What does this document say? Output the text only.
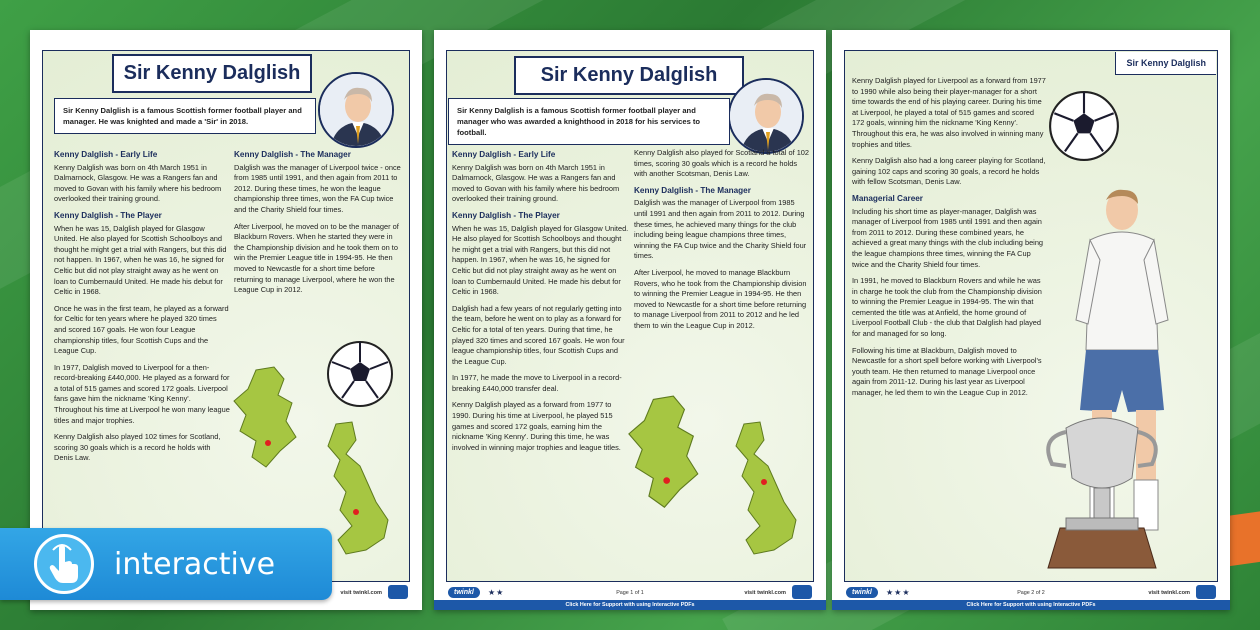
Sir Kenny Dalglish
Sir Kenny Dalglish is a famous Scottish former football player and manager. He was knighted and made a 'Sir' in 2018.
Kenny Dalglish - Early Life

Kenny Dalglish was born on 4th March 1951 in Dalmarnock, Glasgow. He was a Rangers fan and moved to Govan with his family where his bedroom overlooked their training ground.

Kenny Dalglish - The Player

When he was 15, Dalglish played for Glasgow United. He also played for Scottish Schoolboys and thought he might get a trial with Rangers, but this did not happen. In 1967, when he was 16, he signed for Celtic but did not play straight away as he went on loan to Cumbernauld United. He made his debut for Celtic in 1968.

Once he was in the first team, he played as a forward for Celtic for ten years where he played 320 times and scored 167 goals. He won four League championship titles, four Scottish Cups and the League Cup.

In 1977, Dalglish moved to Liverpool for a then-record-breaking £440,000. He played as a forward for a total of 515 games and scored 172 goals. Liverpool fans gave him the nickname 'King Kenny'. Throughout his time at Liverpool he won many league titles and major trophies.

Kenny Dalglish also played 102 times for Scotland, scoring 30 goals which is a record he holds with Denis Law.

Kenny Dalglish - The Manager

Dalglish was the manager of Liverpool twice - once from 1985 until 1991, and then again from 2011 to 2012. During these times, he won the league championship three times, won the FA Cup twice and the Charity Shield four times.

After Liverpool, he moved on to be the manager of Blackburn Rovers. When he started they were in the Championship division and he took them on to win the Premier League title in 1994-95. He then moved to Newcastle for a short time before returning to manage Liverpool, where he won the League Cup in 2012.

visit twinkl.com
Sir Kenny Dalglish
Sir Kenny Dalglish is a famous Scottish former football player and manager who was awarded a knighthood in 2018 for his services to football.
Kenny Dalglish - Early Life

Kenny Dalglish was born on 4th March 1951 in Dalmarnock, Glasgow. He was a Rangers fan and moved to Govan with his family where his bedroom overlooked their training ground.

Kenny Dalglish - The Player

When he was 15, Dalglish played for Glasgow United. He also played for Scottish Schoolboys and thought he might get a trial with Rangers, but this did not happen. In 1967, when he was 16, he signed for Celtic but did not play straight away as he went on loan to Cumbernauld United. He made his debut for Celtic in 1968.

Dalglish had a few years of not regularly getting into the team, before he went on to play as a forward for Celtic for a total of ten years. During that time, he played 320 times and scored 167 goals. He won four league championship titles, four Scottish Cups and the League Cup.

In 1977, he made the move to Liverpool in a record-breaking £440,000 transfer deal.

Kenny Dalglish played as a forward from 1977 to 1990. During his time at Liverpool, he played 515 games and scored 172 goals, earning him the nickname 'King Kenny'. During this time, he was involved in winning major trophies and league titles.

Kenny Dalglish also played for Scotland a total of 102 times, scoring 30 goals which is a record he holds with another Scotsman, Denis Law.

Kenny Dalglish - The Manager

Dalglish was the manager of Liverpool from 1985 until 1991 and then again from 2011 to 2012. During these times, he achieved many things for the club including being league champions three times, winning the FA Cup twice and the Charity Shield four times.

After Liverpool, he moved to manage Blackburn Rovers, who he took from the Championship division to winning the Premier League in 1994-95. He then moved to Newcastle for a short time before returning to manage Liverpool from 2011 to 2012 and he led them to win the League Cup in 2012.

twinkl	★★	Page 1 of 1	visit twinkl.com
Click Here for Support with using Interactive PDFs
Sir Kenny Dalglish

Kenny Dalglish played for Liverpool as a forward from 1977 to 1990 while also being their player-manager for a short time towards the end of his playing career. During his time at Liverpool, he played a total of 515 games and scored 172 goals, winning him the nickname 'King Kenny'. Throughout this era, he was also involved in winning many trophies and titles.

Kenny Dalglish also had a long career playing for Scotland, gaining 102 caps and scoring 30 goals, a record he holds with fellow Scotsman, Denis Law.

Managerial Career

Including his short time as player-manager, Dalglish was manager of Liverpool from 1985 until 1991 and then again from 2011 to 2012. During these combined years, he achieved a great many things with the club including being the league champions three times, winning the FA Cup twice and the Charity Shield four times.

In 1991, he moved to Blackburn Rovers and while he was in charge he took the club from the Championship division to winning the Premier League in 1994-95. The win that cemented the title was at Anfield, the home ground of Liverpool Football Club - the club that Dalglish had played for and managed for so long.

Following his time at Blackburn, Dalglish moved to Newcastle for a short spell before working with Liverpool's youth team. He then returned to manage Liverpool once again from 2011-12. During his last year as Liverpool manager, he led them to win the League Cup in 2012.

twinkl	★★★	Page 2 of 2	visit twinkl.com
Click Here for Support with using Interactive PDFs
interactive
